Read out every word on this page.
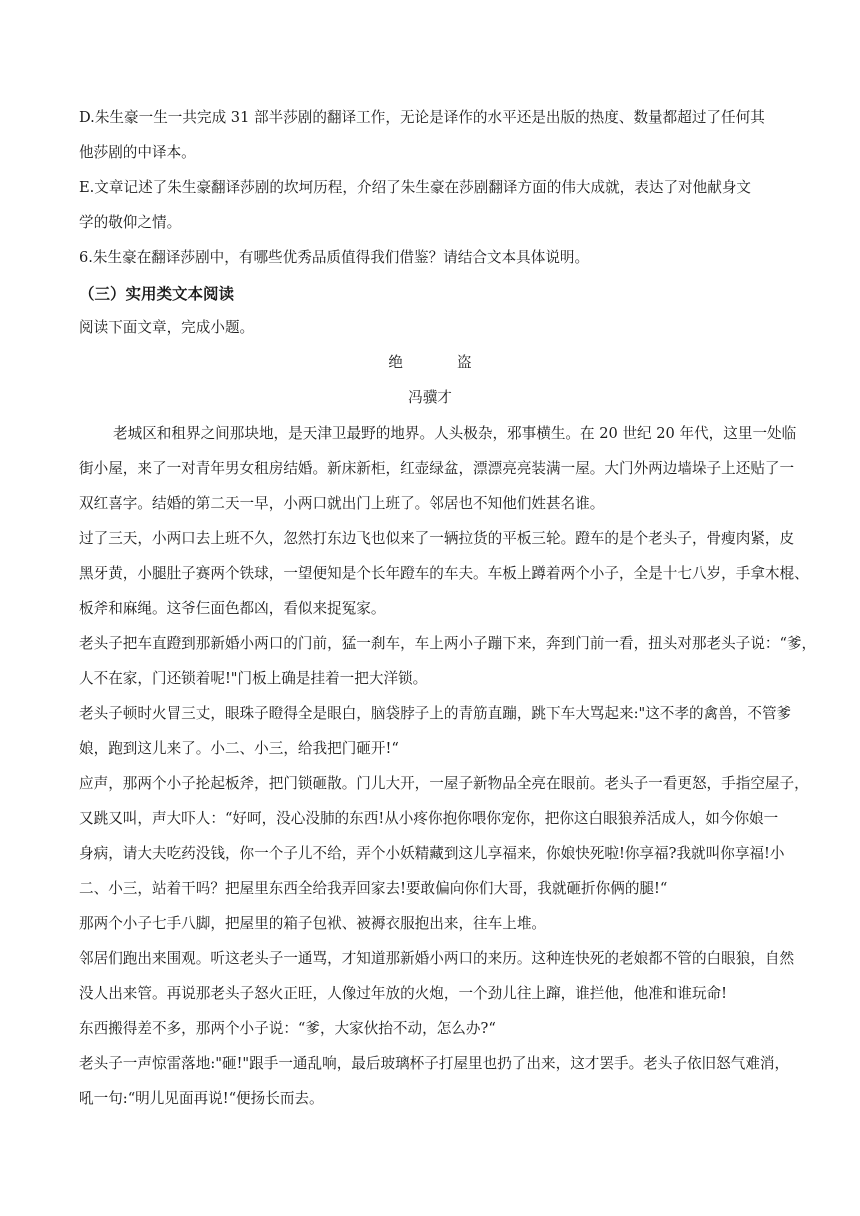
D.朱生豪一生一共完成 31 部半莎剧的翻译工作，无论是译作的水平还是出版的热度、数量都超过了任何其
他莎剧的中译本。
E.文章记述了朱生豪翻译莎剧的坎坷历程，介绍了朱生豪在莎剧翻译方面的伟大成就，表达了对他献身文
学的敬仰之情。
6.朱生豪在翻译莎剧中，有哪些优秀品质值得我们借鉴？请结合文本具体说明。
（三）实用类文本阅读
阅读下面文章，完成小题。
绝	盗
冯骥才
老城区和租界之间那块地，是天津卫最野的地界。人头极杂，邪事横生。在 20 世纪 20 年代，这里一处临
街小屋，来了一对青年男女租房结婚。新床新柜，红壶绿盆，漂漂亮亮装满一屋。大门外两边墙垛子上还贴了一
双红喜字。结婚的第二天一早，小两口就出门上班了。邻居也不知他们姓甚名谁。
过了三天，小两口去上班不久，忽然打东边飞也似来了一辆拉货的平板三轮。蹬车的是个老头子，骨瘦肉紧，皮
黑牙黄，小腿肚子赛两个铁球，一望便知是个长年蹬车的车夫。车板上蹲着两个小子，全是十七八岁，手拿木棍、
板斧和麻绳。这爷仨面色都凶，看似来捉冤家。
老头子把车直蹬到那新婚小两口的门前，猛一刹车，车上两小子蹦下来，奔到门前一看，扭头对那老头子说：“爹，
人不在家，门还锁着呢!"门板上确是挂着一把大洋锁。
老头子顿时火冒三丈，眼珠子瞪得全是眼白，脑袋脖子上的青筋直蹦，跳下车大骂起来:"这不孝的禽兽，不管爹
娘，跑到这儿来了。小二、小三，给我把门砸开!“
应声，那两个小子抡起板斧，把门锁砸散。门儿大开，一屋子新物品全亮在眼前。老头子一看更怒，手指空屋子，
又跳又叫，声大吓人：“好呵，没心没肺的东西!从小疼你抱你喂你宠你，把你这白眼狼养活成人，如今你娘一
身病，请大夫吃药没钱，你一个子儿不给，弄个小妖精藏到这儿享福来，你娘快死啦!你享福?我就叫你享福!小
二、小三，站着干吗？把屋里东西全给我弄回家去!要敢偏向你们大哥，我就砸折你俩的腿!“
那两个小子七手八脚，把屋里的箱子包袱、被褥衣服抱出来，往车上堆。
邻居们跑出来围观。听这老头子一通骂，才知道那新婚小两口的来历。这种连快死的老娘都不管的白眼狼，自然
没人出来管。再说那老头子怒火正旺，人像过年放的火炮，一个劲儿往上蹿，谁拦他，他准和谁玩命!
东西搬得差不多，那两个小子说：“爹，大家伙抬不动，怎么办?“
老头子一声惊雷落地:"砸!"跟手一通乱响，最后玻璃杯子打屋里也扔了出来，这才罢手。老头子依旧怒气难消，
吼一句:“明儿见面再说!“便扬长而去。
